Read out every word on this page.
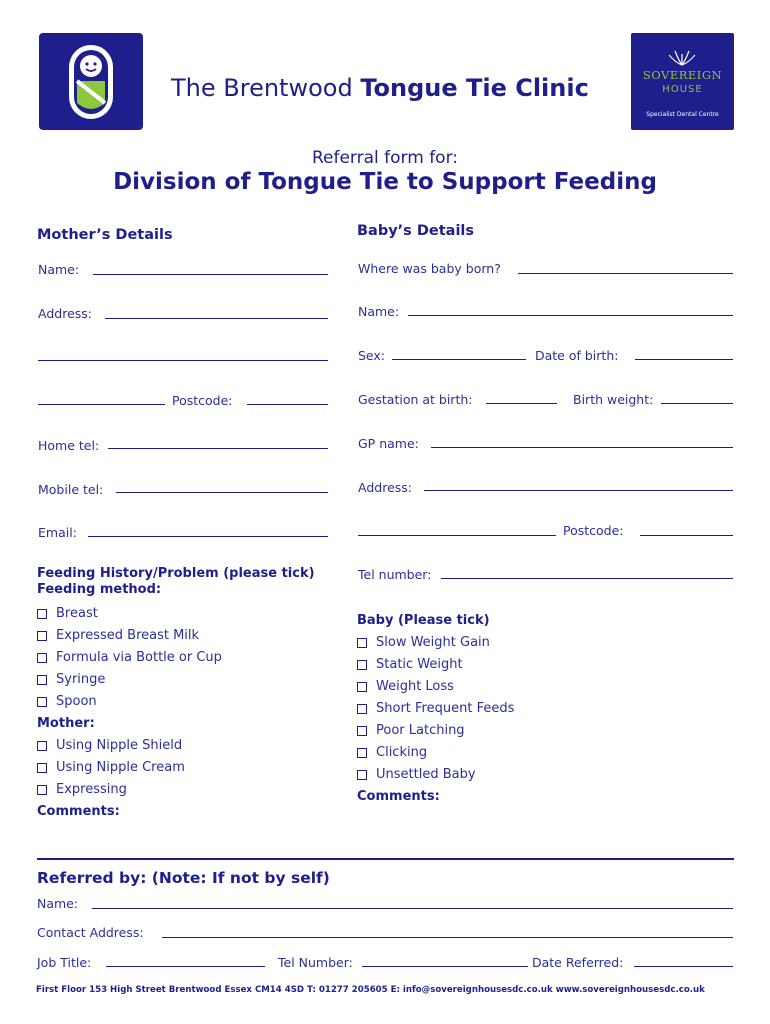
The Brentwood Tongue Tie Clinic	SOVEREIGN
HOUSE
Specialist Dental Centre
Referral form for:
Division of Tongue Tie to Support Feeding
Mother’s Details
Name:
Address:
Postcode:
Home tel:
Mobile tel:
Email:
Baby’s Details
Where was baby born?
Name:
Sex:	Date of birth:
Gestation at birth:	Birth weight:
GP name:
Address:
Postcode:
Tel number:
Feeding History/Problem (please tick)
Feeding method:
Breast
Expressed Breast Milk
Formula via Bottle or Cup
Syringe
Spoon
Mother:
Using Nipple Shield
Using Nipple Cream
Expressing
Comments:
Baby (Please tick)
Slow Weight Gain
Static Weight
Weight Loss
Short Frequent Feeds
Poor Latching
Clicking
Unsettled Baby
Comments:
Referred by: (Note: If not by self)
Name:
Contact Address:
Job Title:	Tel Number:	Date Referred:
First Floor 153 High Street Brentwood Essex CM14 4SD T: 01277 205605 E: info@sovereignhousesdc.co.uk www.sovereignhousesdc.co.uk
